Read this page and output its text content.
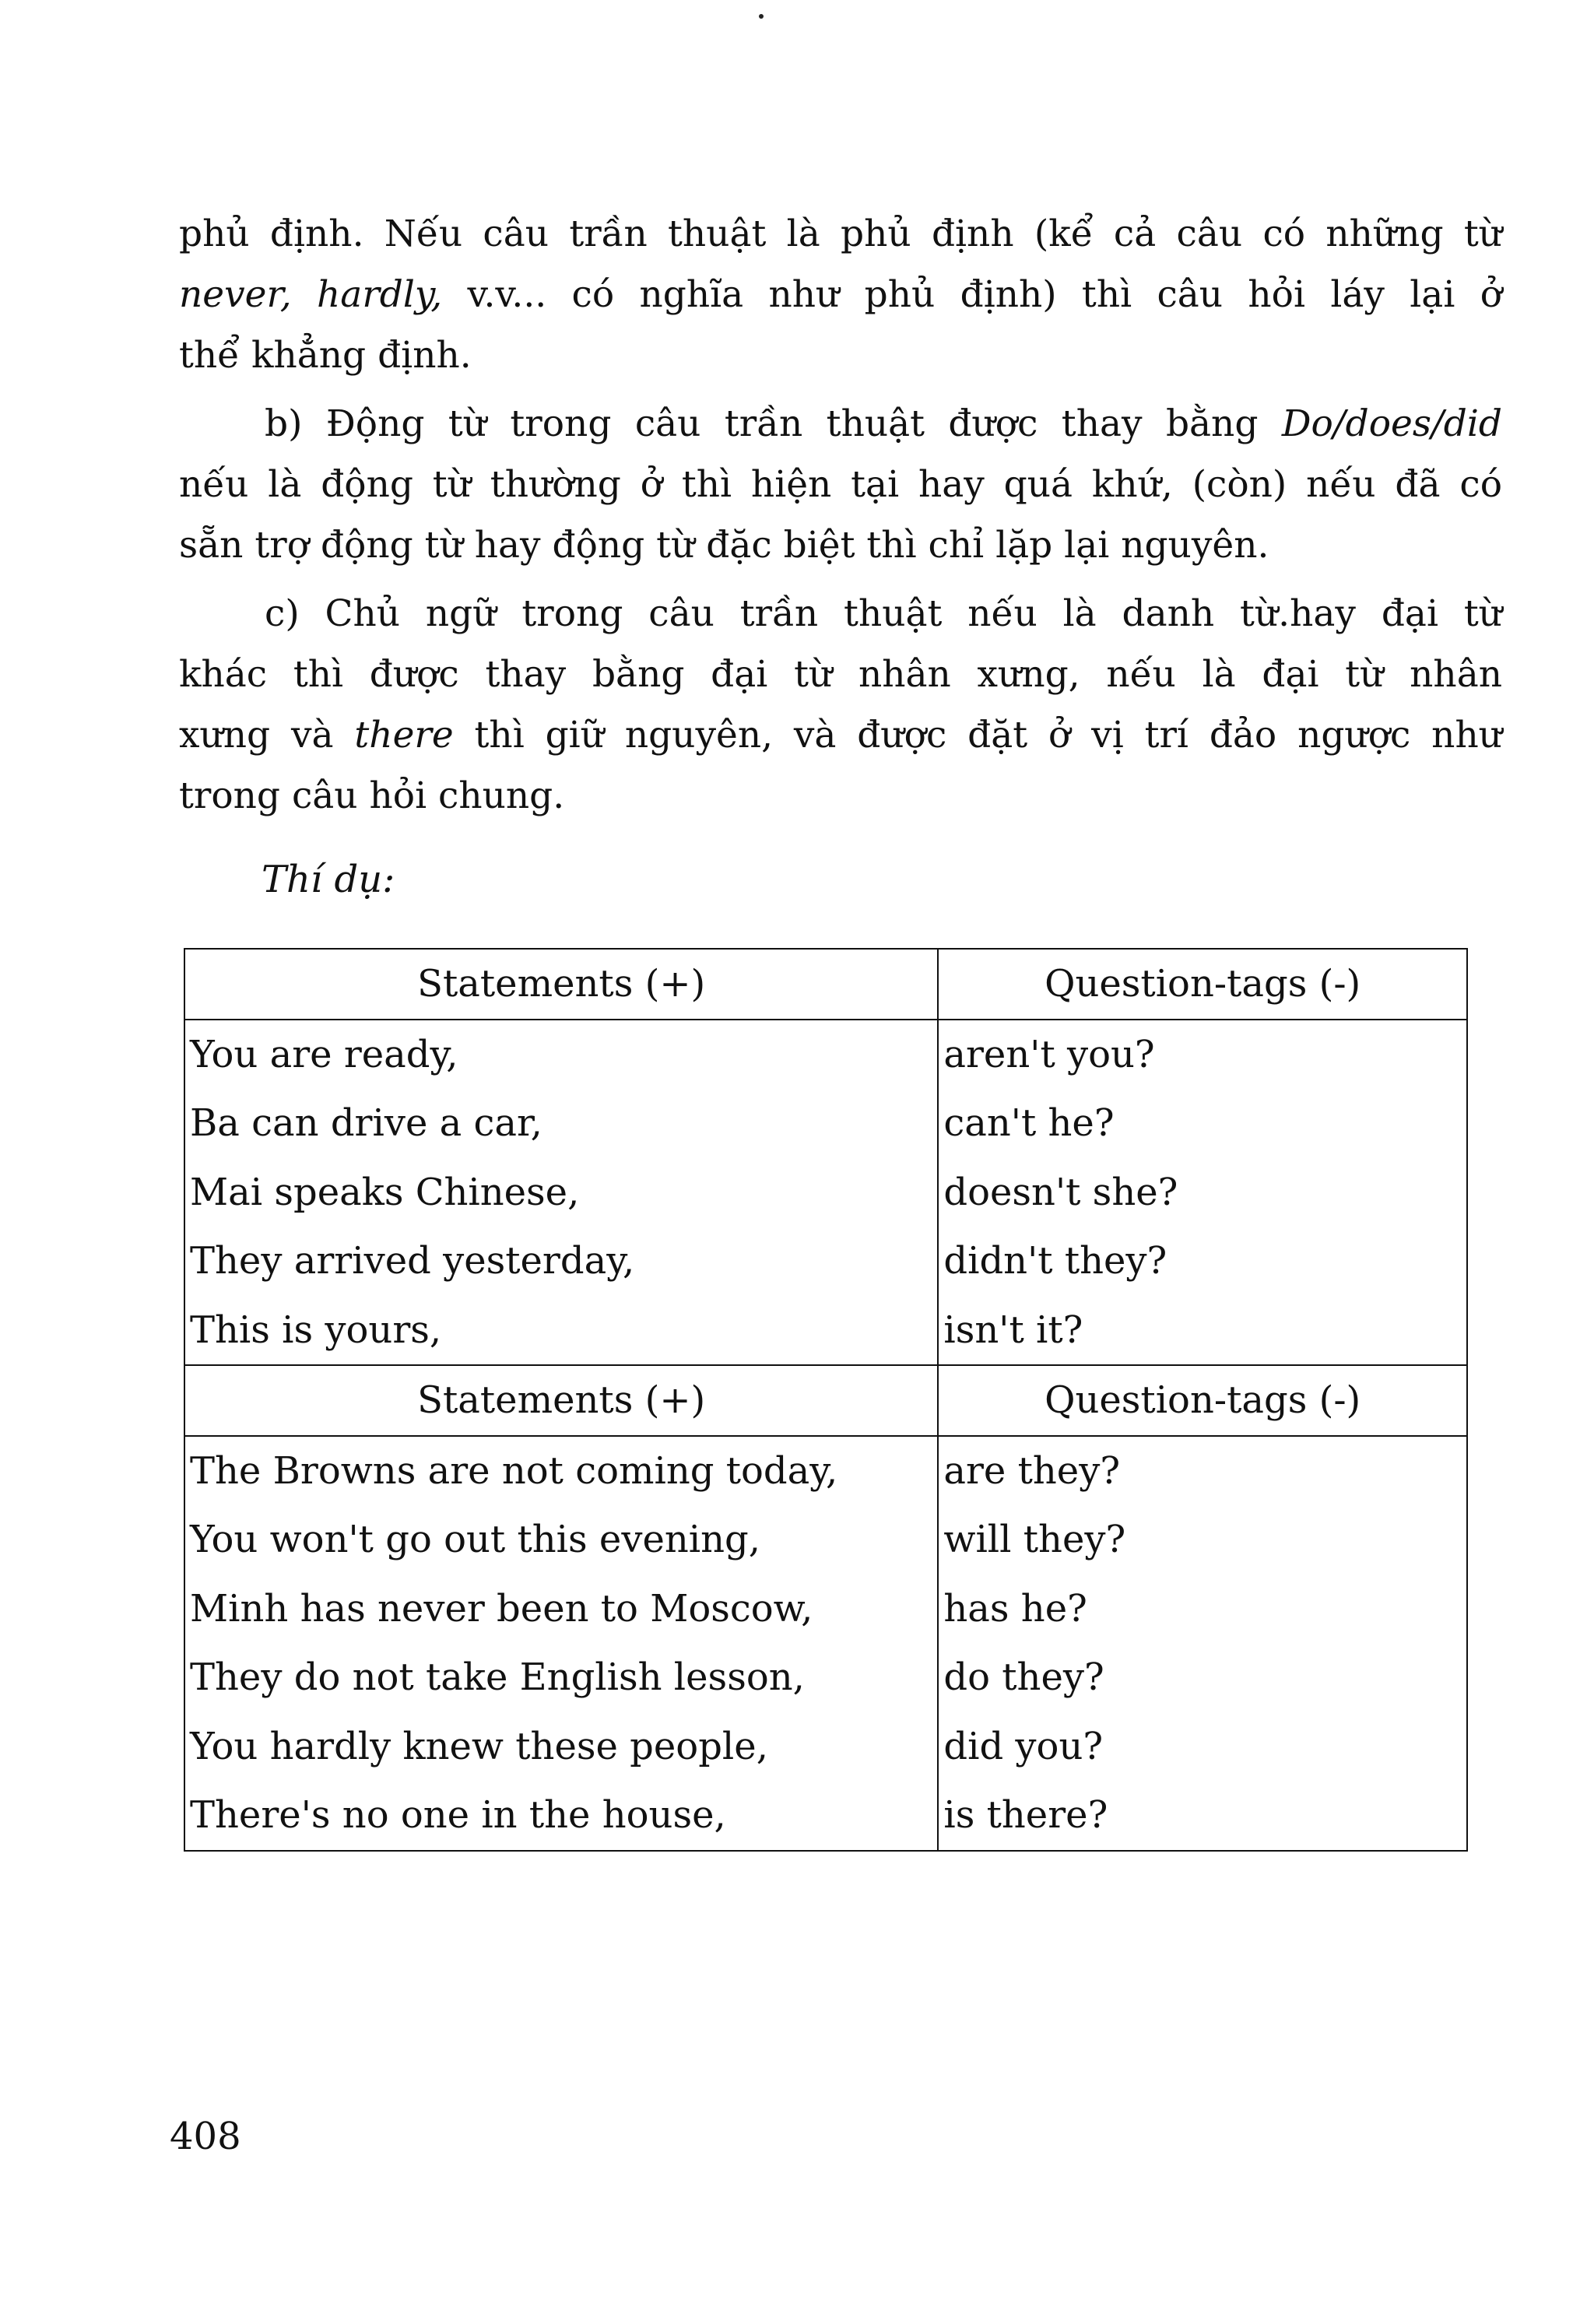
phủ định. Nếu câu trần thuật là phủ định (kể cả câu có những từ
never, hardly, v.v... có nghĩa như phủ định) thì câu hỏi láy lại ở
thể khẳng định.
b) Động từ trong câu trần thuật được thay bằng Do/does/did
nếu là động từ thường ở thì hiện tại hay quá khứ, (còn) nếu đã có
sẵn trợ động từ hay động từ đặc biệt thì chỉ lặp lại nguyên.
c) Chủ ngữ trong câu trần thuật nếu là danh từ.hay đại từ
khác thì được thay bằng đại từ nhân xưng, nếu là đại từ nhân
xưng và there thì giữ nguyên, và được đặt ở vị trí đảo ngược như
trong câu hỏi chung.
Thí dụ:
Statements (+)	Question-tags (-)
You are ready,	aren't you?
Ba can drive a car,	can't he?
Mai speaks Chinese,	doesn't she?
They arrived yesterday,	didn't they?
This is yours,	isn't it?
Statements (+)	Question-tags (-)
The Browns are not coming today,	are they?
You won't go out this evening,	will they?
Minh has never been to Moscow,	has he?
They do not take English lesson,	do they?
You hardly knew these people,	did you?
There's no one in the house,	is there?
408
